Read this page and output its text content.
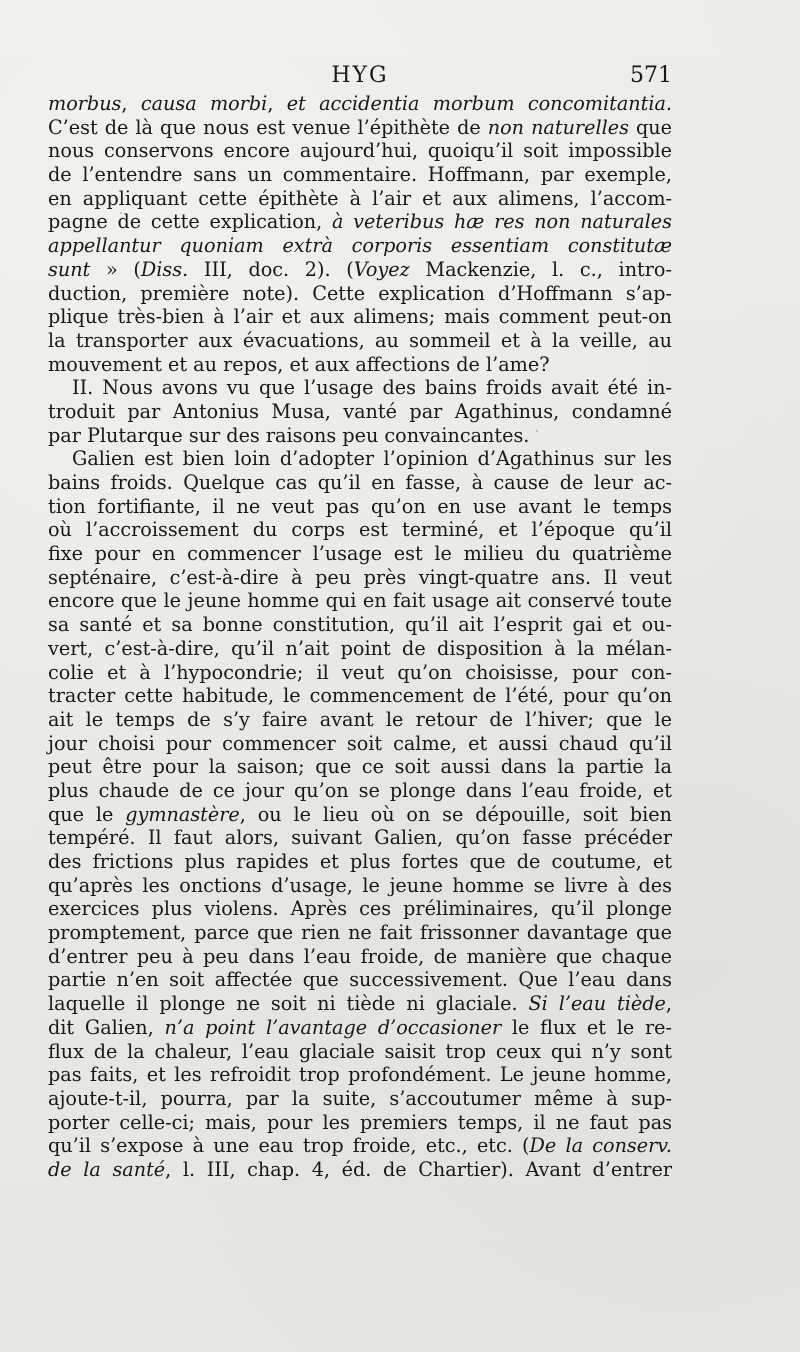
HYG	571
morbus, causa morbi, et accidentia morbum concomitantia.
C’est de là que nous est venue l’épithète de non naturelles que
nous conservons encore aujourd’hui, quoiqu’il soit impossible
de l’entendre sans un commentaire. Hoffmann, par exemple,
en appliquant cette épithète à l’air et aux alimens, l’accom-
pagne de cette explication, à veteribus hæ res non naturales
appellantur quoniam extrà corporis essentiam constitutæ
sunt » (Diss. III, doc. 2). (Voyez Mackenzie, l. c., intro-
duction, première note). Cette explication d’Hoffmann s’ap-
plique très-bien à l’air et aux alimens; mais comment peut-on
la transporter aux évacuations, au sommeil et à la veille, au
mouvement et au repos, et aux affections de l’ame?
II. Nous avons vu que l’usage des bains froids avait été in-
troduit par Antonius Musa, vanté par Agathinus, condamné
par Plutarque sur des raisons peu convaincantes.
Galien est bien loin d’adopter l’opinion d’Agathinus sur les
bains froids. Quelque cas qu’il en fasse, à cause de leur ac-
tion fortifiante, il ne veut pas qu’on en use avant le temps
où l’accroissement du corps est terminé, et l’époque qu’il
fixe pour en commencer l’usage est le milieu du quatrième
septénaire, c’est-à-dire à peu près vingt-quatre ans. Il veut
encore que le jeune homme qui en fait usage ait conservé toute
sa santé et sa bonne constitution, qu’il ait l’esprit gai et ou-
vert, c’est-à-dire, qu’il n’ait point de disposition à la mélan-
colie et à l’hypocondrie; il veut qu’on choisisse, pour con-
tracter cette habitude, le commencement de l’été, pour qu’on
ait le temps de s’y faire avant le retour de l’hiver; que le
jour choisi pour commencer soit calme, et aussi chaud qu’il
peut être pour la saison; que ce soit aussi dans la partie la
plus chaude de ce jour qu’on se plonge dans l’eau froide, et
que le gymnastère, ou le lieu où on se dépouille, soit bien
tempéré. Il faut alors, suivant Galien, qu’on fasse précéder
des frictions plus rapides et plus fortes que de coutume, et
qu’après les onctions d’usage, le jeune homme se livre à des
exercices plus violens. Après ces préliminaires, qu’il plonge
promptement, parce que rien ne fait frissonner davantage que
d’entrer peu à peu dans l’eau froide, de manière que chaque
partie n’en soit affectée que successivement. Que l’eau dans
laquelle il plonge ne soit ni tiède ni glaciale. Si l’eau tiède,
dit Galien, n’a point l’avantage d’occasioner le flux et le re-
flux de la chaleur, l’eau glaciale saisit trop ceux qui n’y sont
pas faits, et les refroidit trop profondément. Le jeune homme,
ajoute-t-il, pourra, par la suite, s’accoutumer même à sup-
porter celle-ci; mais, pour les premiers temps, il ne faut pas
qu’il s’expose à une eau trop froide, etc., etc. (De la conserv.
de la santé, l. III, chap. 4, éd. de Chartier). Avant d’entrer
